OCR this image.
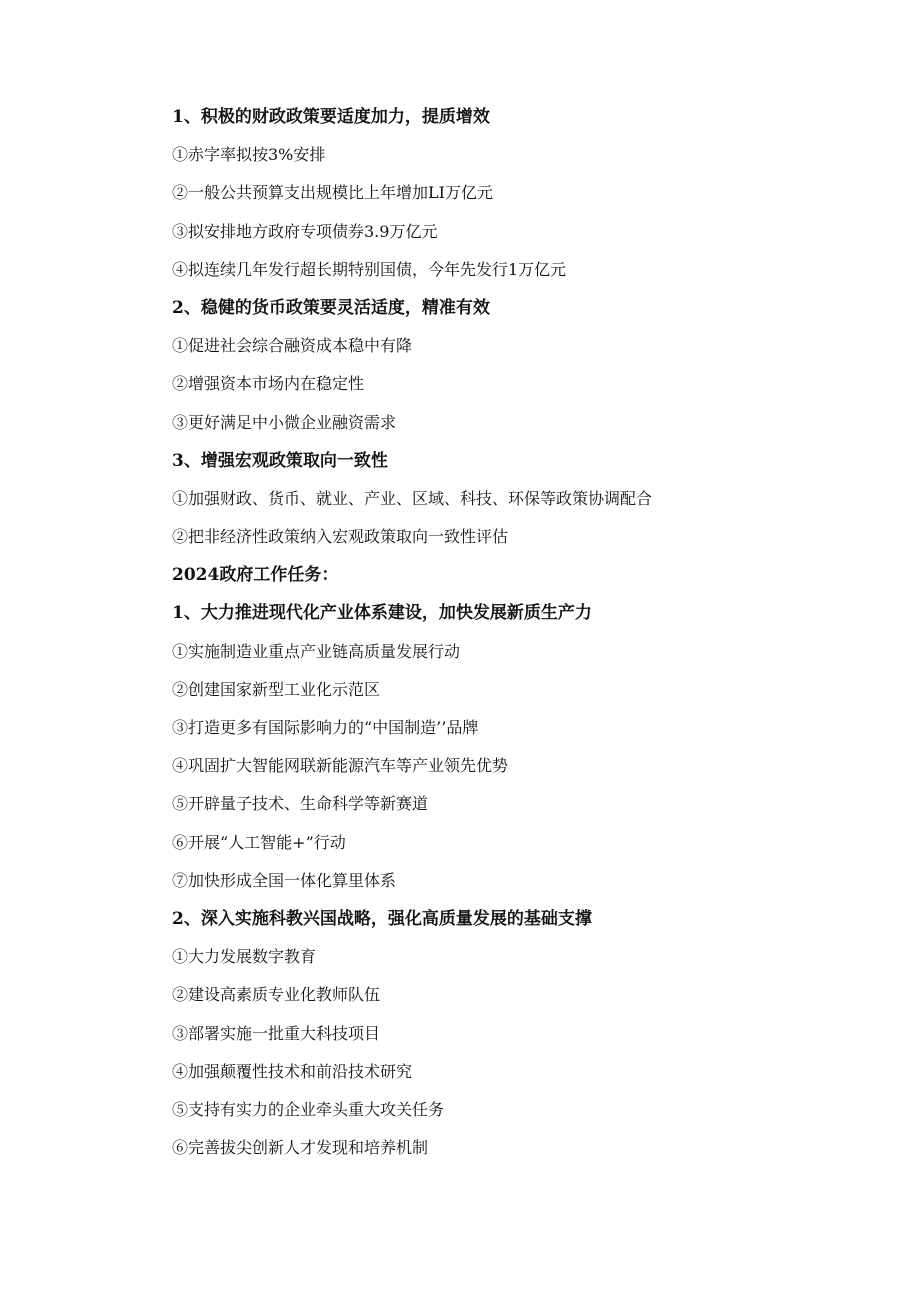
1、积极的财政政策要适度加力，提质增效
①赤字率拟按3%安排
②一般公共预算支出规模比上年增加LI万亿元
③拟安排地方政府专项债券3.9万亿元
④拟连续几年发行超长期特别国债，今年先发行1万亿元
2、稳健的货币政策要灵活适度，精准有效
①促进社会综合融资成本稳中有降
②增强资本市场内在稳定性
③更好满足中小微企业融资需求
3、增强宏观政策取向一致性
①加强财政、货币、就业、产业、区域、科技、环保等政策协调配合
②把非经济性政策纳入宏观政策取向一致性评估
2024政府工作任务：
1、大力推进现代化产业体系建设，加快发展新质生产力
①实施制造业重点产业链高质量发展行动
②创建国家新型工业化示范区
③打造更多有国际影响力的“中国制造’’品牌
④巩固扩大智能网联新能源汽车等产业领先优势
⑤开辟量子技术、生命科学等新赛道
⑥开展“人工智能+”行动
⑦加快形成全国一体化算里体系
2、深入实施科教兴国战略，强化高质量发展的基础支撑
①大力发展数字教育
②建设高素质专业化教师队伍
③部署实施一批重大科技项目
④加强颠覆性技术和前沿技术研究
⑤支持有实力的企业牵头重大攻关任务
⑥完善拔尖创新人才发现和培养机制
